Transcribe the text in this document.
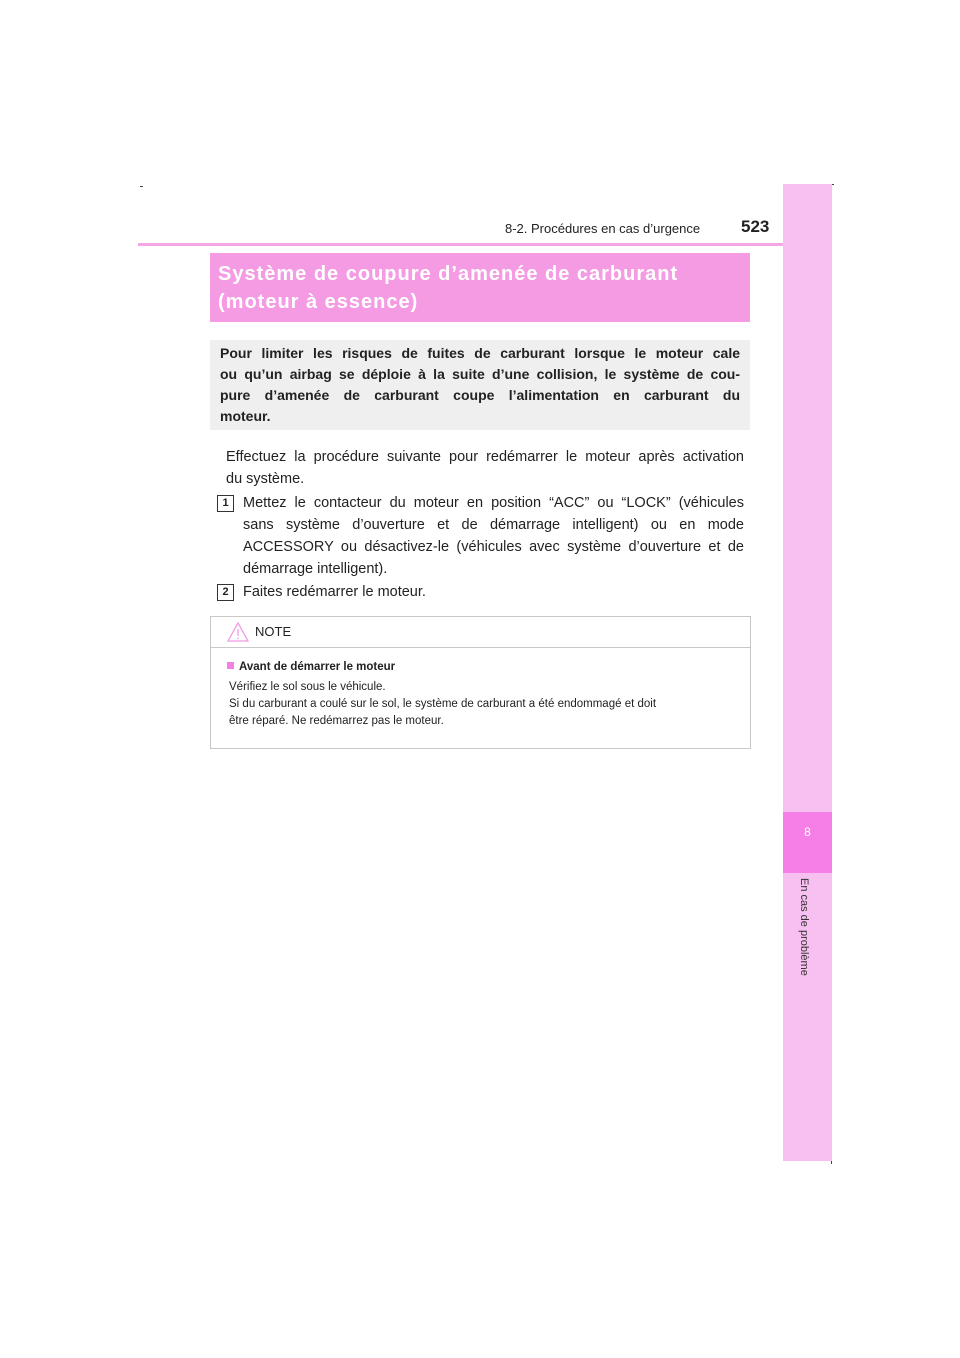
8-2. Procédures en cas d’urgence 523
8
En cas de problème
Système de coupure d’amenée de carburant
(moteur à essence)
Pour limiter les risques de fuites de carburant lorsque le moteur cale
ou qu’un airbag se déploie à la suite d’une collision, le système de cou-
pure d’amenée de carburant coupe l’alimentation en carburant du
moteur.
Effectuez la procédure suivante pour redémarrer le moteur après activation
du système.
1 Mettez le contacteur du moteur en position “ACC” ou “LOCK” (véhicules
sans système d’ouverture et de démarrage intelligent) ou en mode
ACCESSORY ou désactivez-le (véhicules avec système d’ouverture et de
démarrage intelligent).
2 Faites redémarrer le moteur.
NOTE
Avant de démarrer le moteur
Vérifiez le sol sous le véhicule.
Si du carburant a coulé sur le sol, le système de carburant a été endommagé et doit
être réparé. Ne redémarrez pas le moteur.
